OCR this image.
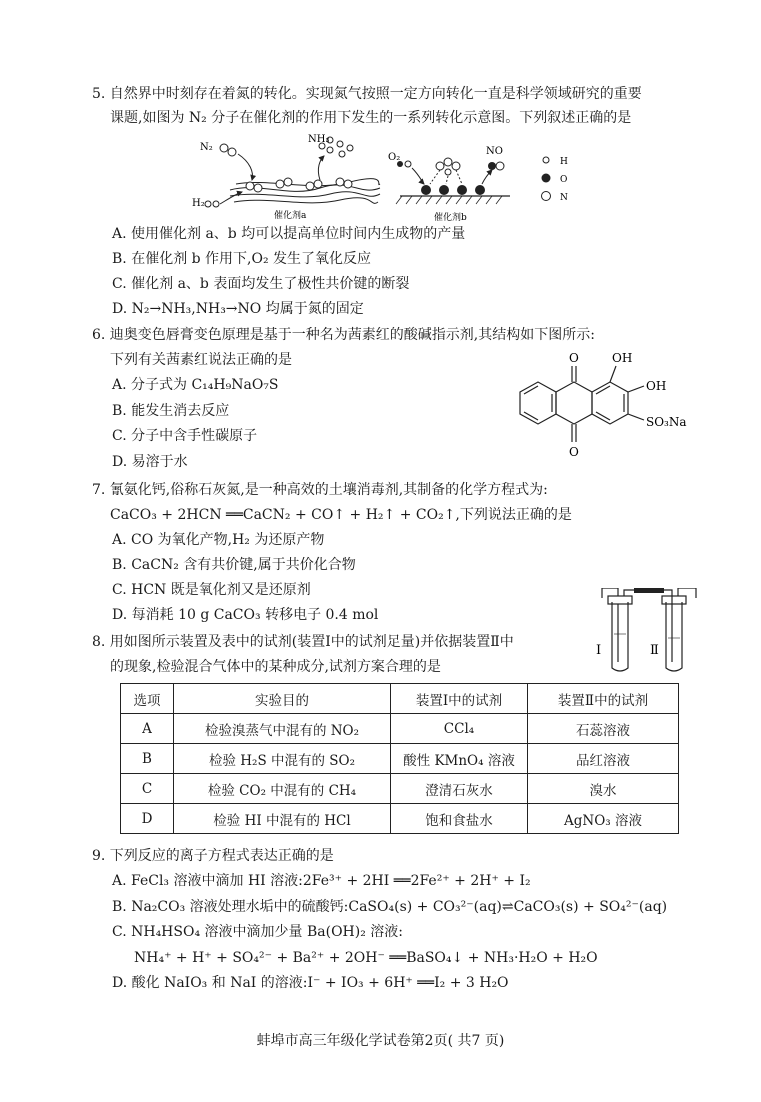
5. 自然界中时刻存在着氮的转化。实现氮气按照一定方向转化一直是科学领域研究的重要
课题,如图为 N₂ 分子在催化剂的作用下发生的一系列转化示意图。下列叙述正确的是
N₂
NH₃
H₂
催化剂a
O₂
NO
催化剂b
H
O
N
A. 使用催化剂 a、b 均可以提高单位时间内生成物的产量
B. 在催化剂 b 作用下,O₂ 发生了氧化反应
C. 催化剂 a、b 表面均发生了极性共价键的断裂
D. N₂→NH₃,NH₃→NO 均属于氮的固定
6. 迪奥变色唇膏变色原理是基于一种名为茜素红的酸碱指示剂,其结构如下图所示:
下列有关茜素红说法正确的是
A. 分子式为 C₁₄H₉NaO₇S
B. 能发生消去反应
C. 分子中含手性碳原子
D. 易溶于水
O
O
OH
OH
SO₃Na
7. 氰氨化钙,俗称石灰氮,是一种高效的土壤消毒剂,其制备的化学方程式为:
CaCO₃ + 2HCN ══CaCN₂ + CO↑ + H₂↑ + CO₂↑,下列说法正确的是
A. CO 为氧化产物,H₂ 为还原产物
B. CaCN₂ 含有共价键,属于共价化合物
C. HCN 既是氧化剂又是还原剂
D. 每消耗 10 g CaCO₃ 转移电子 0.4 mol
Ⅰ	Ⅱ
8. 用如图所示装置及表中的试剂(装置Ⅰ中的试剂足量)并依据装置Ⅱ中
的现象,检验混合气体中的某种成分,试剂方案合理的是
选项	实验目的	装置Ⅰ中的试剂	装置Ⅱ中的试剂
A	检验溴蒸气中混有的 NO₂	CCl₄	石蕊溶液
B	检验 H₂S 中混有的 SO₂	酸性 KMnO₄ 溶液	品红溶液
C	检验 CO₂ 中混有的 CH₄	澄清石灰水	溴水
D	检验 HI 中混有的 HCl	饱和食盐水	AgNO₃ 溶液
9. 下列反应的离子方程式表达正确的是
A. FeCl₃ 溶液中滴加 HI 溶液:2Fe³⁺ + 2HI ══2Fe²⁺ + 2H⁺ + I₂
B. Na₂CO₃ 溶液处理水垢中的硫酸钙:CaSO₄(s) + CO₃²⁻(aq)⇌CaCO₃(s) + SO₄²⁻(aq)
C. NH₄HSO₄ 溶液中滴加少量 Ba(OH)₂ 溶液:
NH₄⁺ + H⁺ + SO₄²⁻ + Ba²⁺ + 2OH⁻ ══BaSO₄↓ + NH₃·H₂O + H₂O
D. 酸化 NaIO₃ 和 NaI 的溶液:I⁻ + IO₃ + 6H⁺ ══I₂ + 3 H₂O
蚌埠市高三年级化学试卷第2页( 共7 页)
